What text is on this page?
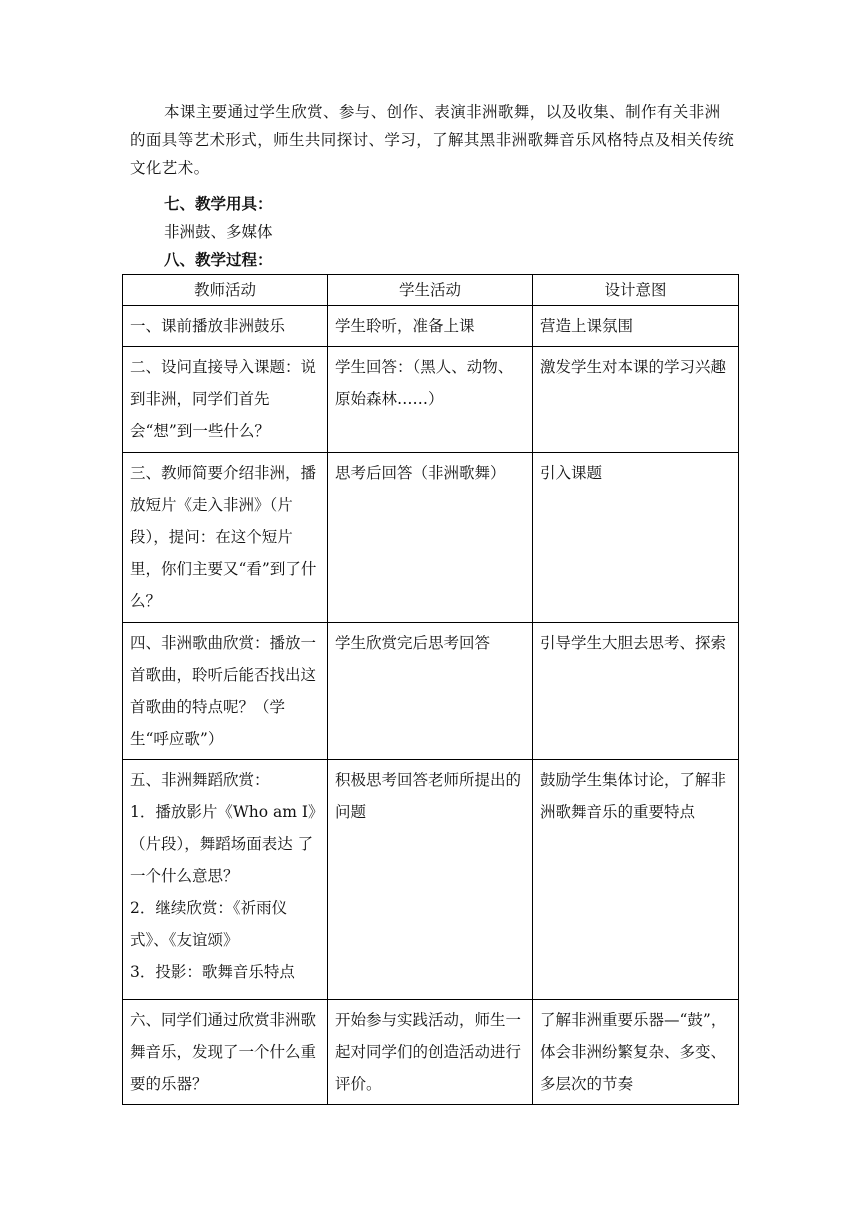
本课主要通过学生欣赏、参与、创作、表演非洲歌舞，以及收集、制作有关非洲的面具等艺术形式，师生共同探讨、学习，了解其黑非洲歌舞音乐风格特点及相关传统文化艺术。

七、教学用具：

非洲鼓、多媒体

八、教学过程：

教师活动	学生活动	设计意图
一、课前播放非洲鼓乐	学生聆听，准备上课	营造上课氛围
二、设问直接导入课题：说到非洲，同学们首先会“想”到一些什么？	学生回答：（黑人、动物、原始森林……）	激发学生对本课的学习兴趣
三、教师简要介绍非洲，播放短片《走入非洲》（片段），提问：在这个短片里，你们主要又“看”到了什么？	思考后回答（非洲歌舞）	引入课题
四、非洲歌曲欣赏：播放一首歌曲，聆听后能否找出这首歌曲的特点呢？（学生“呼应歌”）	学生欣赏完后思考回答	引导学生大胆去思考、探索

五、非洲舞蹈欣赏：
1．播放影片《Who am I》（片段），舞蹈场面表达 了一个什么意思？
2．继续欣赏：《祈雨仪式》、《友谊颂》
3．投影：歌舞音乐特点	积极思考回答老师所提出的问题	鼓励学生集体讨论，了解非洲歌舞音乐的重要特点
六、同学们通过欣赏非洲歌舞音乐，发现了一个什么重要的乐器？	开始参与实践活动，师生一起对同学们的创造活动进行评价。	了解非洲重要乐器—“鼓”，体会非洲纷繁复杂、多变、多层次的节奏
